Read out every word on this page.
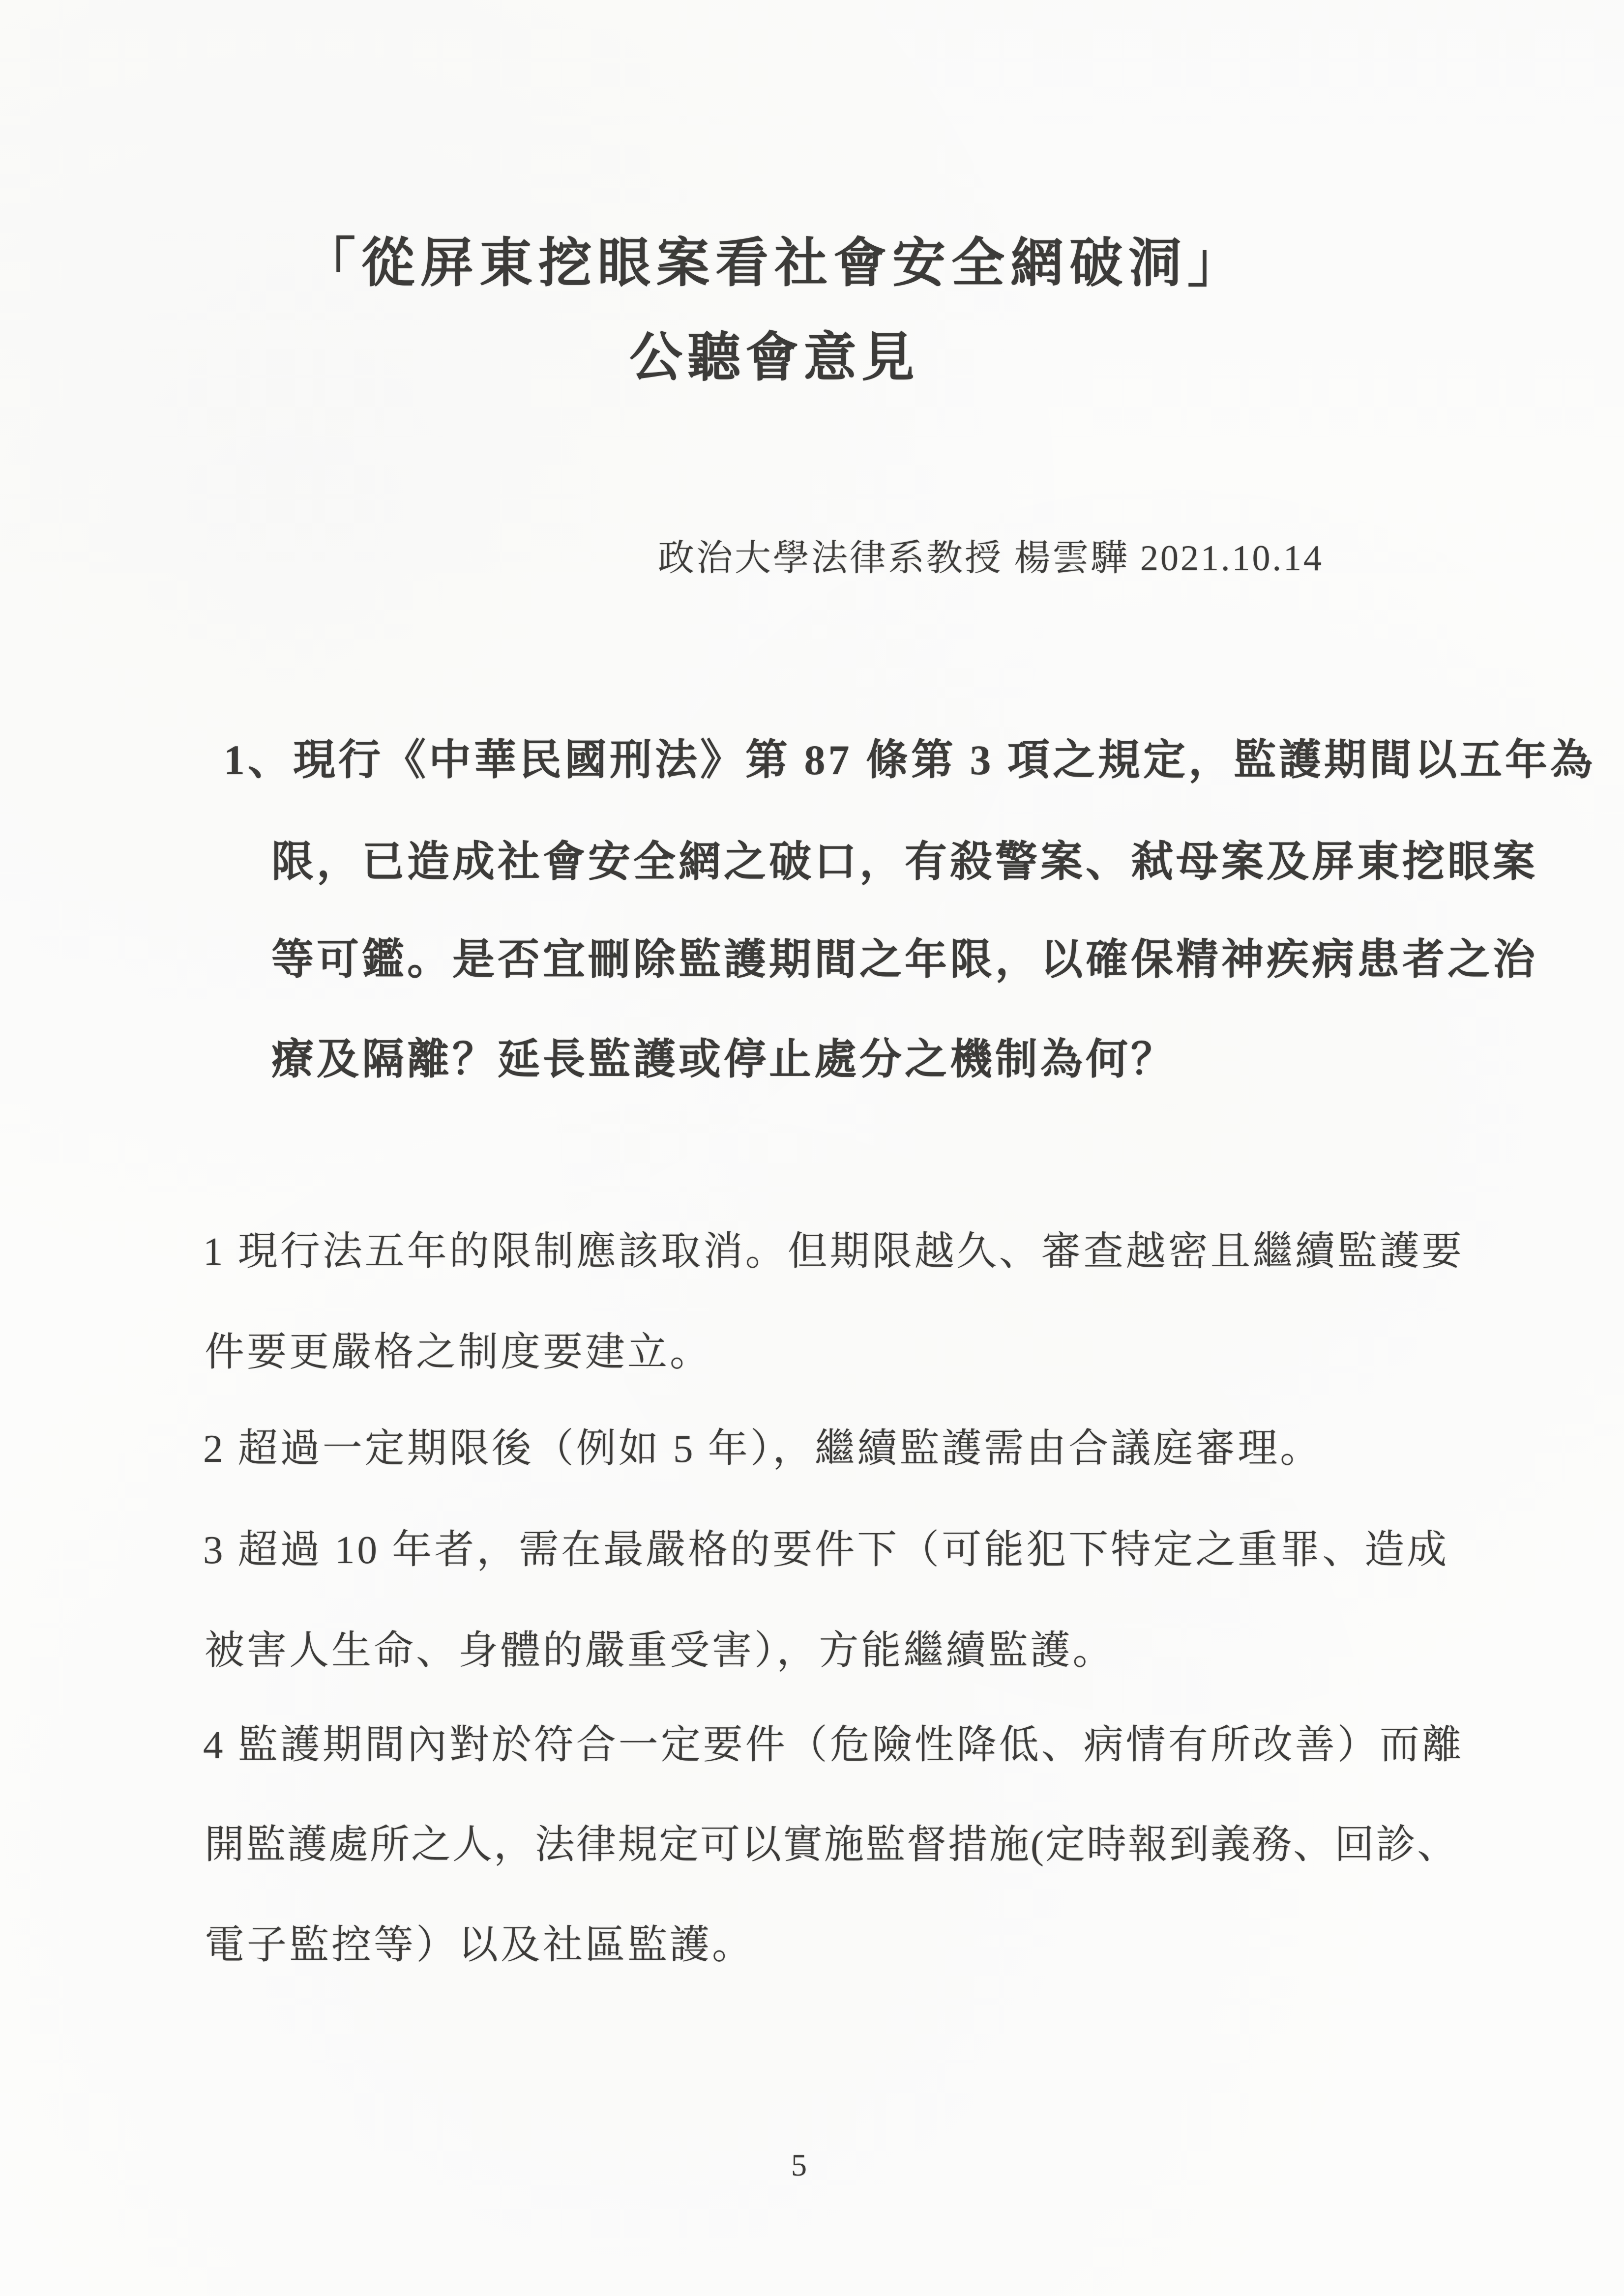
「從屏東挖眼案看社會安全網破洞」
公聽會意見
政治大學法律系教授 楊雲驊 2021.10.14
1、現行《中華民國刑法》第 87 條第 3 項之規定，監護期間以五年為
限，已造成社會安全網之破口，有殺警案、弒母案及屏東挖眼案
等可鑑。是否宜刪除監護期間之年限，以確保精神疾病患者之治
療及隔離？延長監護或停止處分之機制為何？
1 現行法五年的限制應該取消。但期限越久、審查越密且繼續監護要
件要更嚴格之制度要建立。
2 超過一定期限後（例如 5 年），繼續監護需由合議庭審理。
3 超過 10 年者，需在最嚴格的要件下（可能犯下特定之重罪、造成
被害人生命、身體的嚴重受害），方能繼續監護。
4 監護期間內對於符合一定要件（危險性降低、病情有所改善）而離
開監護處所之人，法律規定可以實施監督措施(定時報到義務、回診、
電子監控等）以及社區監護。
5
